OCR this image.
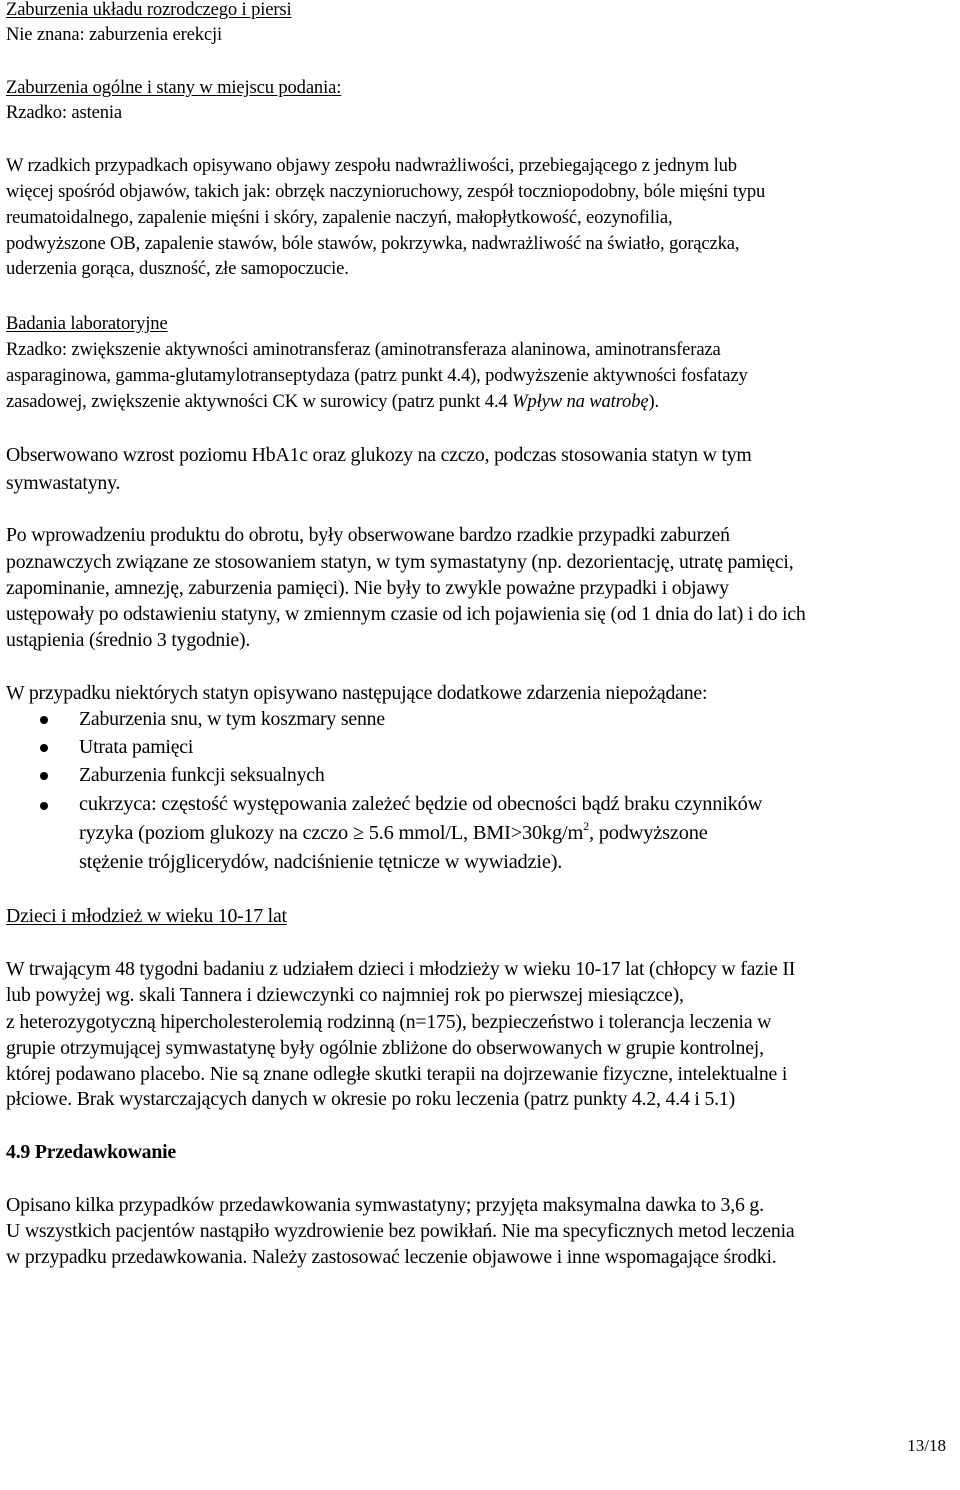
Zaburzenia układu rozrodczego i piersi
Nie znana: zaburzenia erekcji
Zaburzenia ogólne i stany w miejscu podania:
Rzadko: astenia
W rzadkich przypadkach opisywano objawy zespołu nadwrażliwości, przebiegającego z jednym lub
więcej spośród objawów, takich jak: obrzęk naczynioruchowy, zespół toczniopodobny, bóle mięśni typu
reumatoidalnego, zapalenie mięśni i skóry, zapalenie naczyń, małopłytkowość, eozynofilia,
podwyższone OB, zapalenie stawów, bóle stawów, pokrzywka, nadwrażliwość na światło, gorączka,
uderzenia gorąca, duszność, złe samopoczucie.
Badania laboratoryjne
Rzadko: zwiększenie aktywności aminotransferaz (aminotransferaza alaninowa, aminotransferaza
asparaginowa, gamma-glutamylotranseptydaza (patrz punkt 4.4), podwyższenie aktywności fosfatazy
zasadowej, zwiększenie aktywności CK w surowicy (patrz punkt 4.4 Wpływ na watrobę).
Obserwowano wzrost poziomu HbA1c oraz glukozy na czczo, podczas stosowania statyn w tym
symwastatyny.
Po wprowadzeniu produktu do obrotu, były obserwowane bardzo rzadkie przypadki zaburzeń
poznawczych związane ze stosowaniem statyn, w tym symastatyny (np. dezorientację, utratę pamięci,
zapominanie, amnezję, zaburzenia pamięci). Nie były to zwykle poważne przypadki i objawy
ustępowały po odstawieniu statyny, w zmiennym czasie od ich pojawienia się (od 1 dnia do lat) i do ich
ustąpienia (średnio 3 tygodnie).
W przypadku niektórych statyn opisywano następujące dodatkowe zdarzenia niepożądane:
Zaburzenia snu, w tym koszmary senne
Utrata pamięci
Zaburzenia funkcji seksualnych
cukrzyca: częstość występowania zależeć będzie od obecności bądź braku czynników
ryzyka (poziom glukozy na czczo ≥ 5.6 mmol/L, $BMI>30kg/m^2$, podwyższone
stężenie trójglicerydów, nadciśnienie tętnicze w wywiadzie).
Dzieci i młodzież w wieku 10-17 lat
W trwającym 48 tygodni badaniu z udziałem dzieci i młodzieży w wieku 10-17 lat (chłopcy w fazie II
lub powyżej wg. skali Tannera i dziewczynki co najmniej rok po pierwszej miesiączce),
z heterozygotyczną hipercholesterolemią rodzinną (n=175), bezpieczeństwo i tolerancja leczenia w
grupie otrzymującej symwastatynę były ogólnie zbliżone do obserwowanych w grupie kontrolnej,
której podawano placebo. Nie są znane odległe skutki terapii na dojrzewanie fizyczne, intelektualne i
płciowe. Brak wystarczających danych w okresie po roku leczenia (patrz punkty 4.2, 4.4 i 5.1)
4.9 Przedawkowanie
Opisano kilka przypadków przedawkowania symwastatyny; przyjęta maksymalna dawka to 3,6 g.
U wszystkich pacjentów nastąpiło wyzdrowienie bez powikłań. Nie ma specyficznych metod leczenia
w przypadku przedawkowania. Należy zastosować leczenie objawowe i inne wspomagające środki.
13/18
